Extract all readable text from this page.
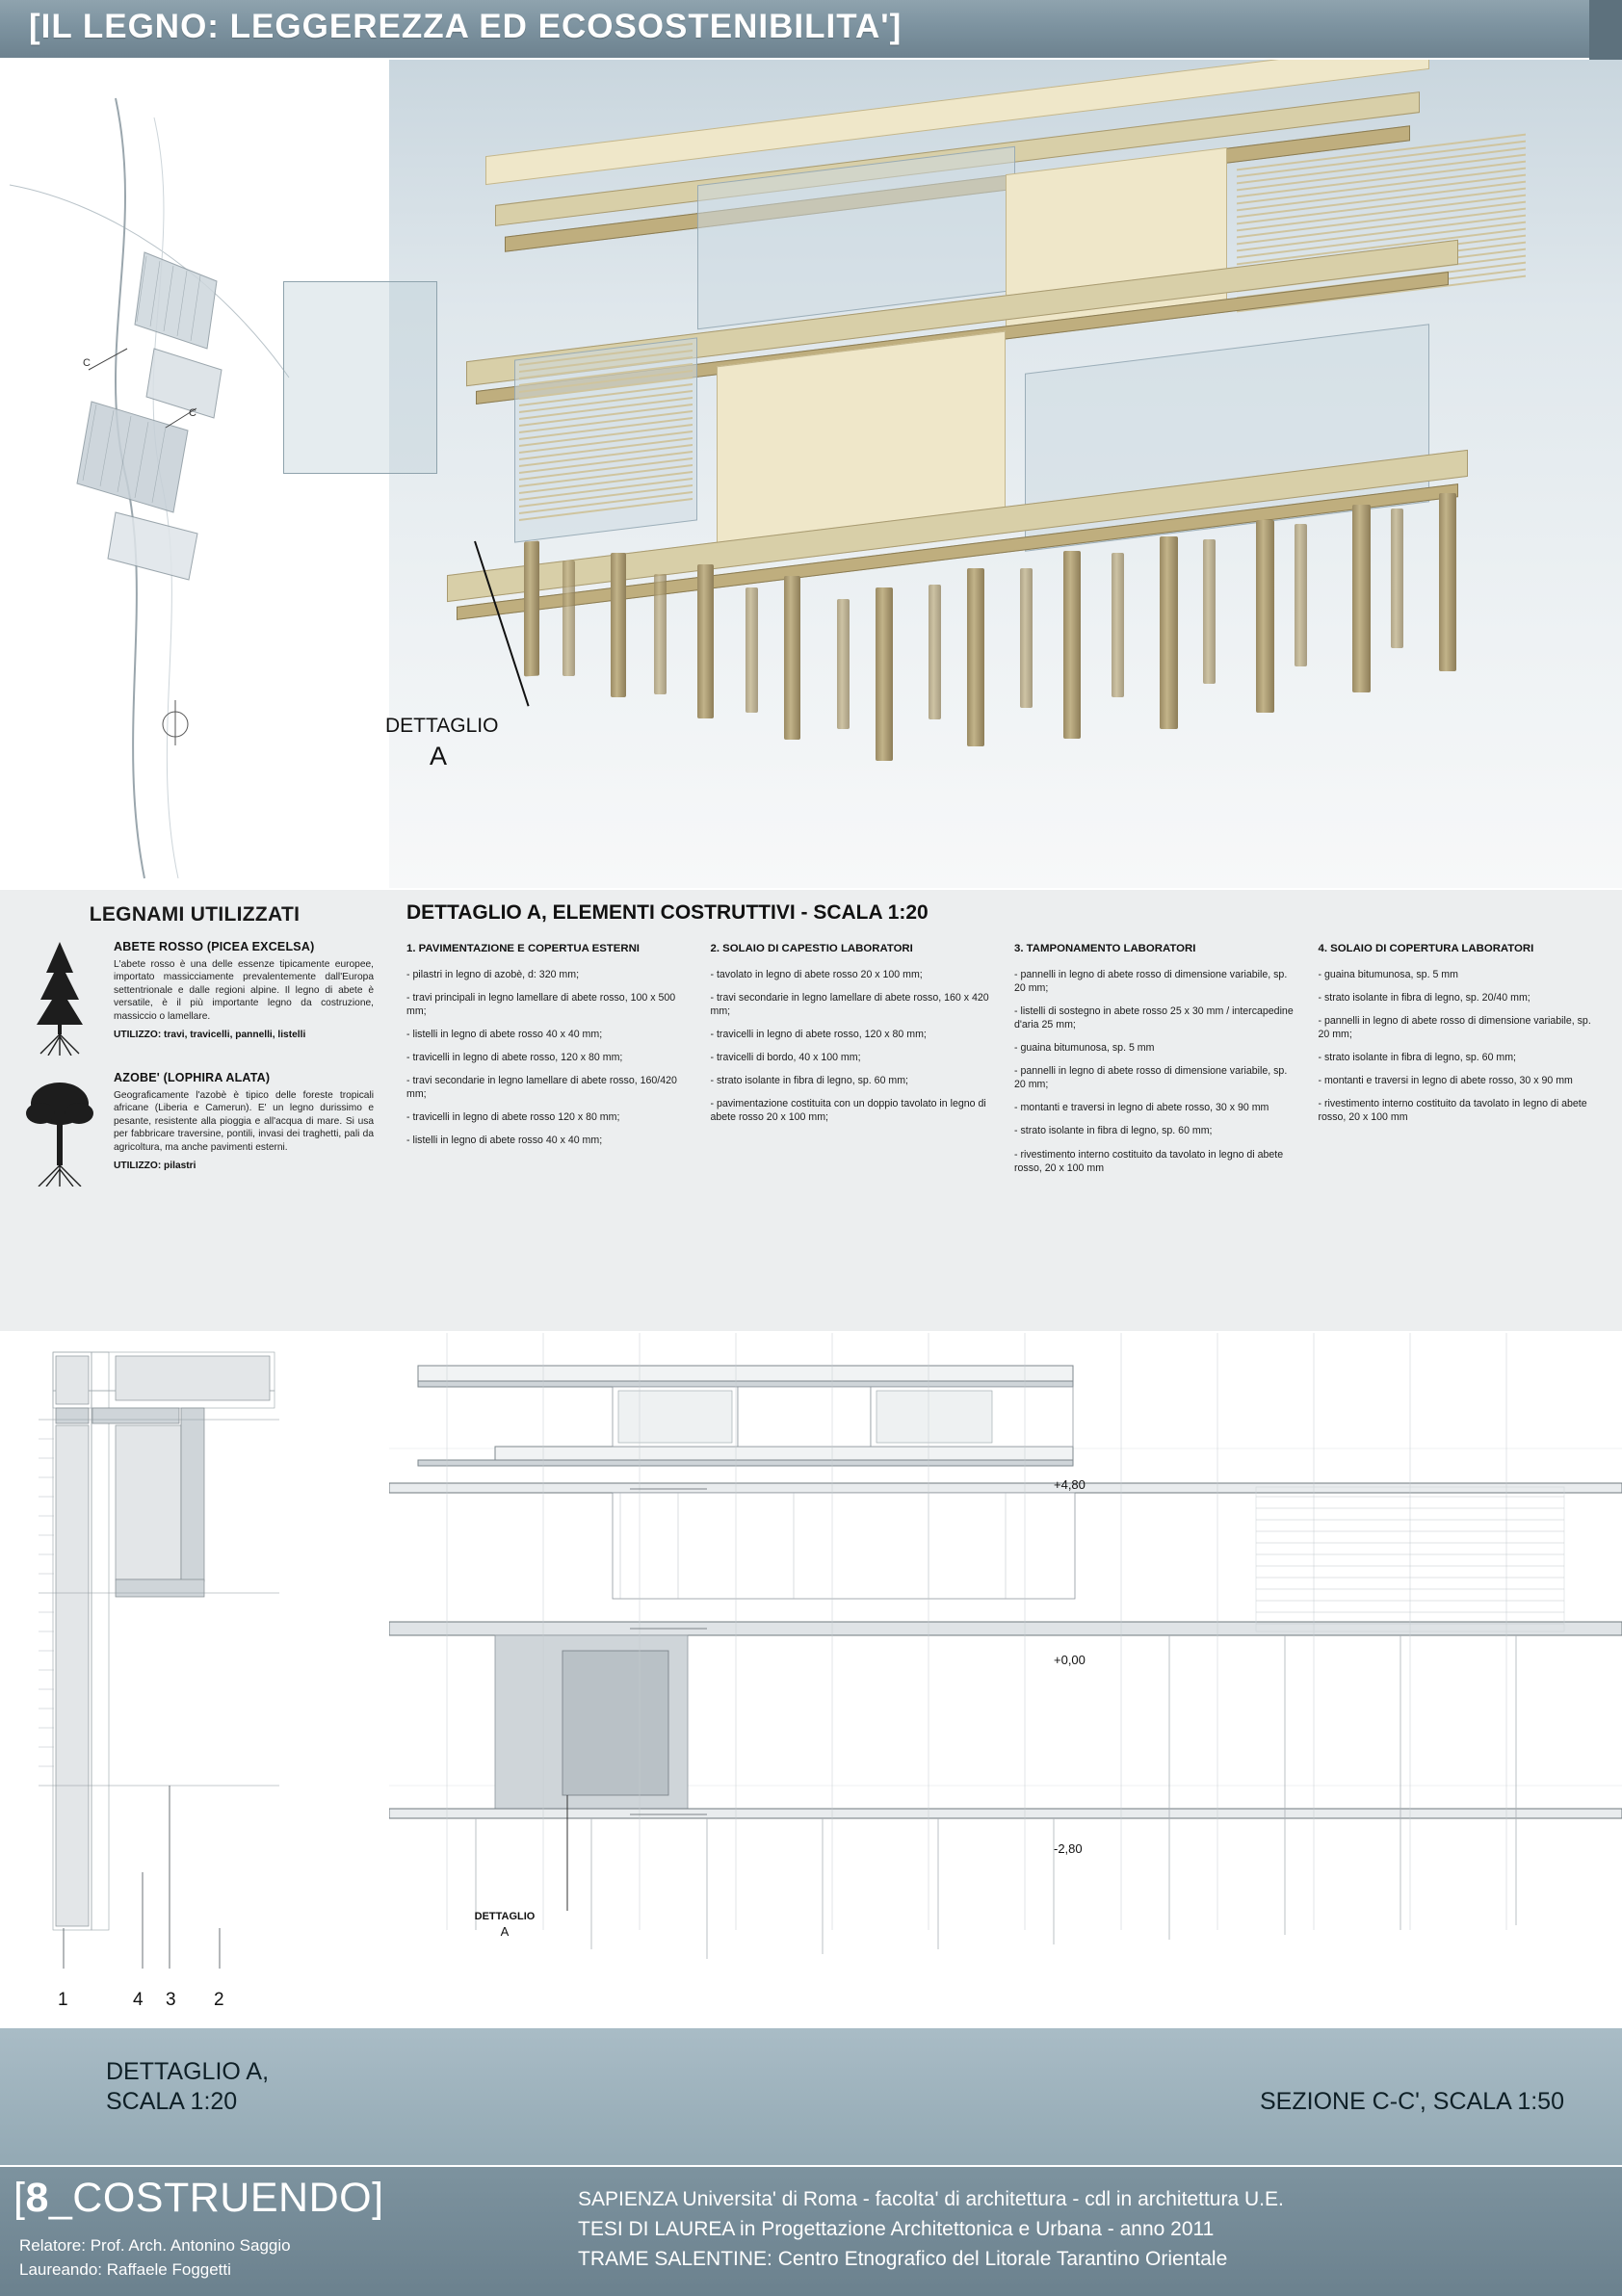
[IL LEGNO: LEGGEREZZA ED ECOSOSTENIBILITA']
C
C
DETTAGLIO
A
LEGNAMI UTILIZZATI
ABETE ROSSO (PICEA EXCELSA)

L'abete rosso è una delle essenze tipicamente europee, importato massicciamente prevalentemente dall'Europa settentrionale e dalle regioni alpine. Il legno di abete è versatile, è il più importante legno da costruzione, massiccio o lamellare.

UTILIZZO: travi, travicelli, pannelli, listelli
AZOBE' (LOPHIRA ALATA)

Geograficamente l'azobè è tipico delle foreste tropicali africane (Liberia e Camerun). E' un legno durissimo e pesante, resistente alla pioggia e all'acqua di mare. Si usa per fabbricare traversine, pontili, invasi dei traghetti, pali da agricoltura, ma anche pavimenti esterni.

UTILIZZO: pilastri
DETTAGLIO A, ELEMENTI COSTRUTTIVI - SCALA 1:20
1. PAVIMENTAZIONE E COPERTUA ESTERNI

- pilastri in legno di azobè, d: 320 mm;

- travi principali in legno lamellare di abete rosso, 100 x 500 mm;

- listelli in legno di abete rosso 40 x 40 mm;

- travicelli in legno di abete rosso, 120 x 80 mm;

- travi secondarie in legno lamellare di abete rosso, 160/420 mm;

- travicelli in legno di abete rosso 120 x 80 mm;

- listelli in legno di abete rosso 40 x 40 mm;

2. SOLAIO DI CAPESTIO LABORATORI

- tavolato in legno di abete rosso 20 x 100 mm;

- travi secondarie in legno lamellare di abete rosso, 160 x 420 mm;

- travicelli in legno di abete rosso, 120 x 80 mm;

- travicelli di bordo, 40 x 100 mm;

- strato isolante in fibra di legno, sp. 60 mm;

- pavimentazione costituita con un doppio tavolato in legno di abete rosso 20 x 100 mm;

3. TAMPONAMENTO LABORATORI

- pannelli in legno di abete rosso di dimensione variabile, sp. 20 mm;

- listelli di sostegno in abete rosso 25 x 30 mm / intercapedine d'aria 25 mm;

- guaina bitumunosa, sp. 5 mm

- pannelli in legno di abete rosso di dimensione variabile, sp. 20 mm;

- montanti e traversi in legno di abete rosso, 30 x 90 mm

- strato isolante in fibra di legno, sp. 60 mm;

- rivestimento interno costituito da tavolato in legno di abete rosso, 20 x 100 mm

4. SOLAIO DI COPERTURA LABORATORI

- guaina bitumunosa, sp. 5 mm

- strato isolante in fibra di legno, sp. 20/40 mm;

- pannelli in legno di abete rosso di dimensione variabile, sp. 20 mm;

- strato isolante in fibra di legno, sp. 60 mm;

- montanti e traversi in legno di abete rosso, 30 x 90 mm

- rivestimento interno costituito da tavolato in legno di abete rosso, 20 x 100 mm

1	4 3 2
+4,80
+0,00
-2,80
DETTAGLIO
A
DETTAGLIO A,
SCALA 1:20	SEZIONE C-C', SCALA 1:50
[8_COSTRUENDO]
Relatore: Prof. Arch. Antonino Saggio
Laureando: Raffaele Foggetti
SAPIENZA Universita' di Roma - facolta' di architettura - cdl in architettura U.E.
TESI DI LAUREA in Progettazione Architettonica e Urbana - anno 2011
TRAME SALENTINE: Centro Etnografico del Litorale Tarantino Orientale
